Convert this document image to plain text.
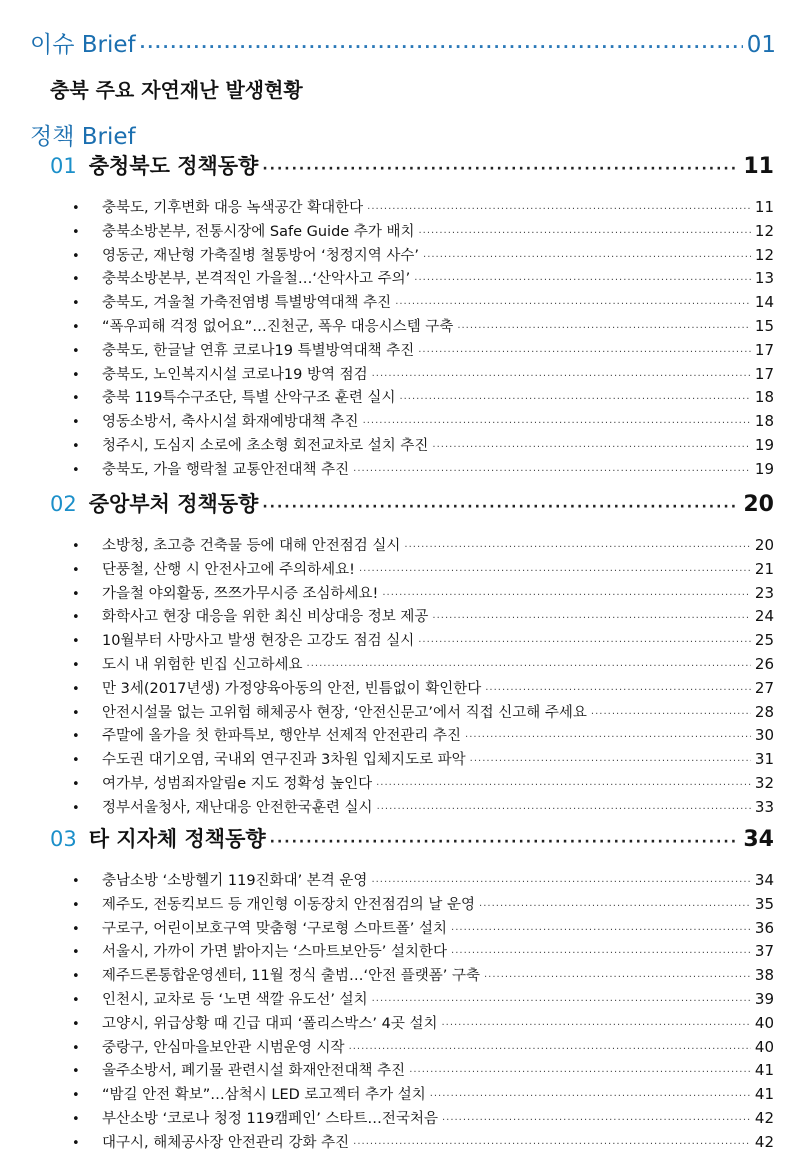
이슈 Brief ·····	01
충북 주요 자연재난 발생현황
정책 Brief
01 충청북도 정책동향 ·····	11
•	충북도, 기후변화 대응 녹색공간 확대한다 ·····	11
•	충북소방본부, 전통시장에 Safe Guide 추가 배치 ·····	12
•	영동군, 재난형 가축질병 철통방어 ‘청정지역 사수’ ·····	12
•	충북소방본부, 본격적인 가을철…‘산악사고 주의’ ·····	13
•	충북도, 겨울철 가축전염병 특별방역대책 추진 ·····	14
•	“폭우피해 걱정 없어요”…진천군, 폭우 대응시스템 구축 ·····	15
•	충북도, 한글날 연휴 코로나19 특별방역대책 추진 ·····	17
•	충북도, 노인복지시설 코로나19 방역 점검 ·····	17
•	충북 119특수구조단, 특별 산악구조 훈련 실시 ·····	18
•	영동소방서, 축사시설 화재예방대책 추진 ·····	18
•	청주시, 도심지 소로에 초소형 회전교차로 설치 추진 ·····	19
•	충북도, 가을 행락철 교통안전대책 추진 ·····	19
02 중앙부처 정책동향 ·····	20
•	소방청, 초고층 건축물 등에 대해 안전점검 실시 ·····	20
•	단풍철, 산행 시 안전사고에 주의하세요! ·····	21
•	가을철 야외활동, 쯔쯔가무시증 조심하세요! ·····	23
•	화학사고 현장 대응을 위한 최신 비상대응 정보 제공 ·····	24
•	10월부터 사망사고 발생 현장은 고강도 점검 실시 ·····	25
•	도시 내 위험한 빈집 신고하세요 ·····	26
•	만 3세(2017년생) 가정양육아동의 안전, 빈틈없이 확인한다 ·····	27
•	안전시설물 없는 고위험 해체공사 현장, ‘안전신문고’에서 직접 신고해 주세요 ·····	28
•	주말에 올가을 첫 한파특보, 행안부 선제적 안전관리 추진 ·····	30
•	수도권 대기오염, 국내외 연구진과 3차원 입체지도로 파악 ·····	31
•	여가부, 성범죄자알림e 지도 정확성 높인다 ·····	32
•	정부서울청사, 재난대응 안전한국훈련 실시 ·····	33
03 타 지자체 정책동향 ·····	34
•	충남소방 ‘소방헬기 119진화대’ 본격 운영 ·····	34
•	제주도, 전동킥보드 등 개인형 이동장치 안전점검의 날 운영 ·····	35
•	구로구, 어린이보호구역 맞춤형 ‘구로형 스마트폴’ 설치 ·····	36
•	서울시, 가까이 가면 밝아지는 ‘스마트보안등’ 설치한다 ·····	37
•	제주드론통합운영센터, 11월 정식 출범…‘안전 플랫폼’ 구축 ·····	38
•	인천시, 교차로 등 ‘노면 색깔 유도선’ 설치 ·····	39
•	고양시, 위급상황 때 긴급 대피 ‘폴리스박스’ 4곳 설치 ·····	40
•	중랑구, 안심마을보안관 시범운영 시작 ·····	40
•	울주소방서, 폐기물 관련시설 화재안전대책 추진 ·····	41
•	“밤길 안전 확보”…삼척시 LED 로고젝터 추가 설치 ·····	41
•	부산소방 ‘코로나 청정 119캠페인’ 스타트…전국처음 ·····	42
•	대구시, 해체공사장 안전관리 강화 추진 ·····	42
